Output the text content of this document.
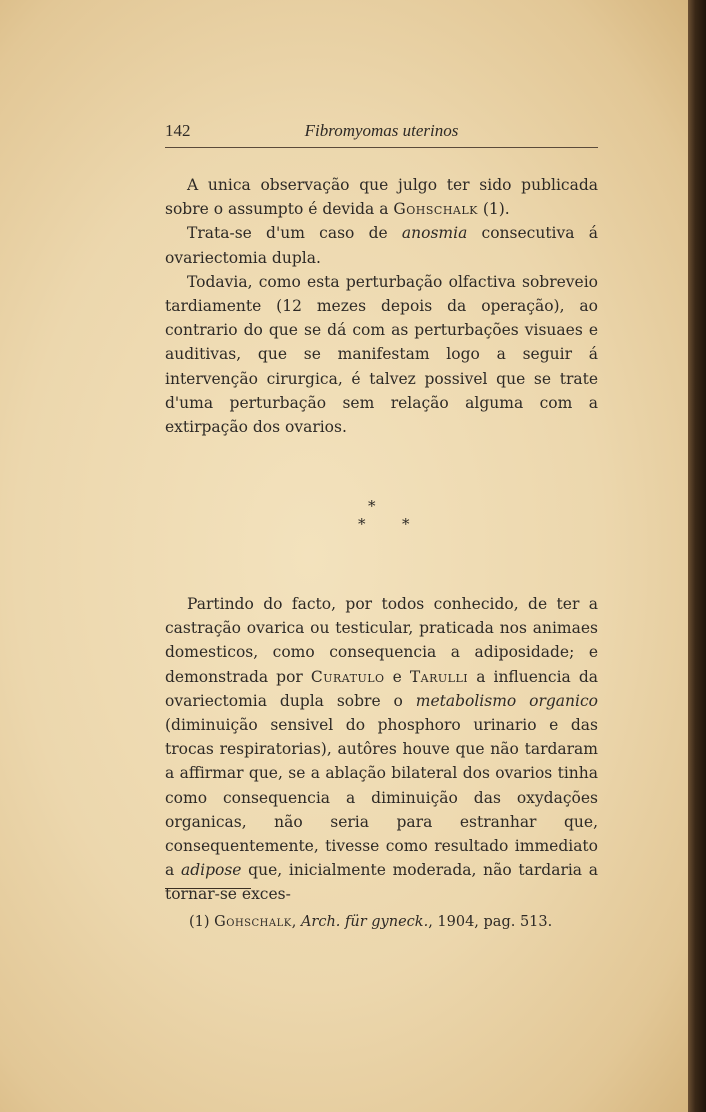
142	Fibromyomas uterinos

A unica observação que julgo ter sido publicada sobre o assumpto é devida a Gohschalk (1).

Trata-se d'um caso de anosmia consecutiva á ovariectomia dupla.

Todavia, como esta perturbação olfactiva sobreveio tardiamente (12 mezes depois da operação), ao contrario do que se dá com as perturbações visuaes e auditivas, que se manifestam logo a seguir á intervenção cirurgica, é talvez possivel que se trate d'uma perturbação sem relação alguma com a extirpação dos ovarios.

*
* *

Partindo do facto, por todos conhecido, de ter a castração ovarica ou testicular, praticada nos animaes domesticos, como consequencia a adiposidade; e demonstrada por Curatulo e Tarulli a influencia da ovariectomia dupla sobre o metabolismo organico (diminuição sensivel do phosphoro urinario e das trocas respiratorias), autôres houve que não tardaram a affirmar que, se a ablação bilateral dos ovarios tinha como consequencia a diminuição das oxydações organicas, não seria para estranhar que, consequentemente, tivesse como resultado immediato a adipose que, inicialmente moderada, não tardaria a tornar-se exces-

(1) Gohschalk, Arch. für gyneck., 1904, pag. 513.
